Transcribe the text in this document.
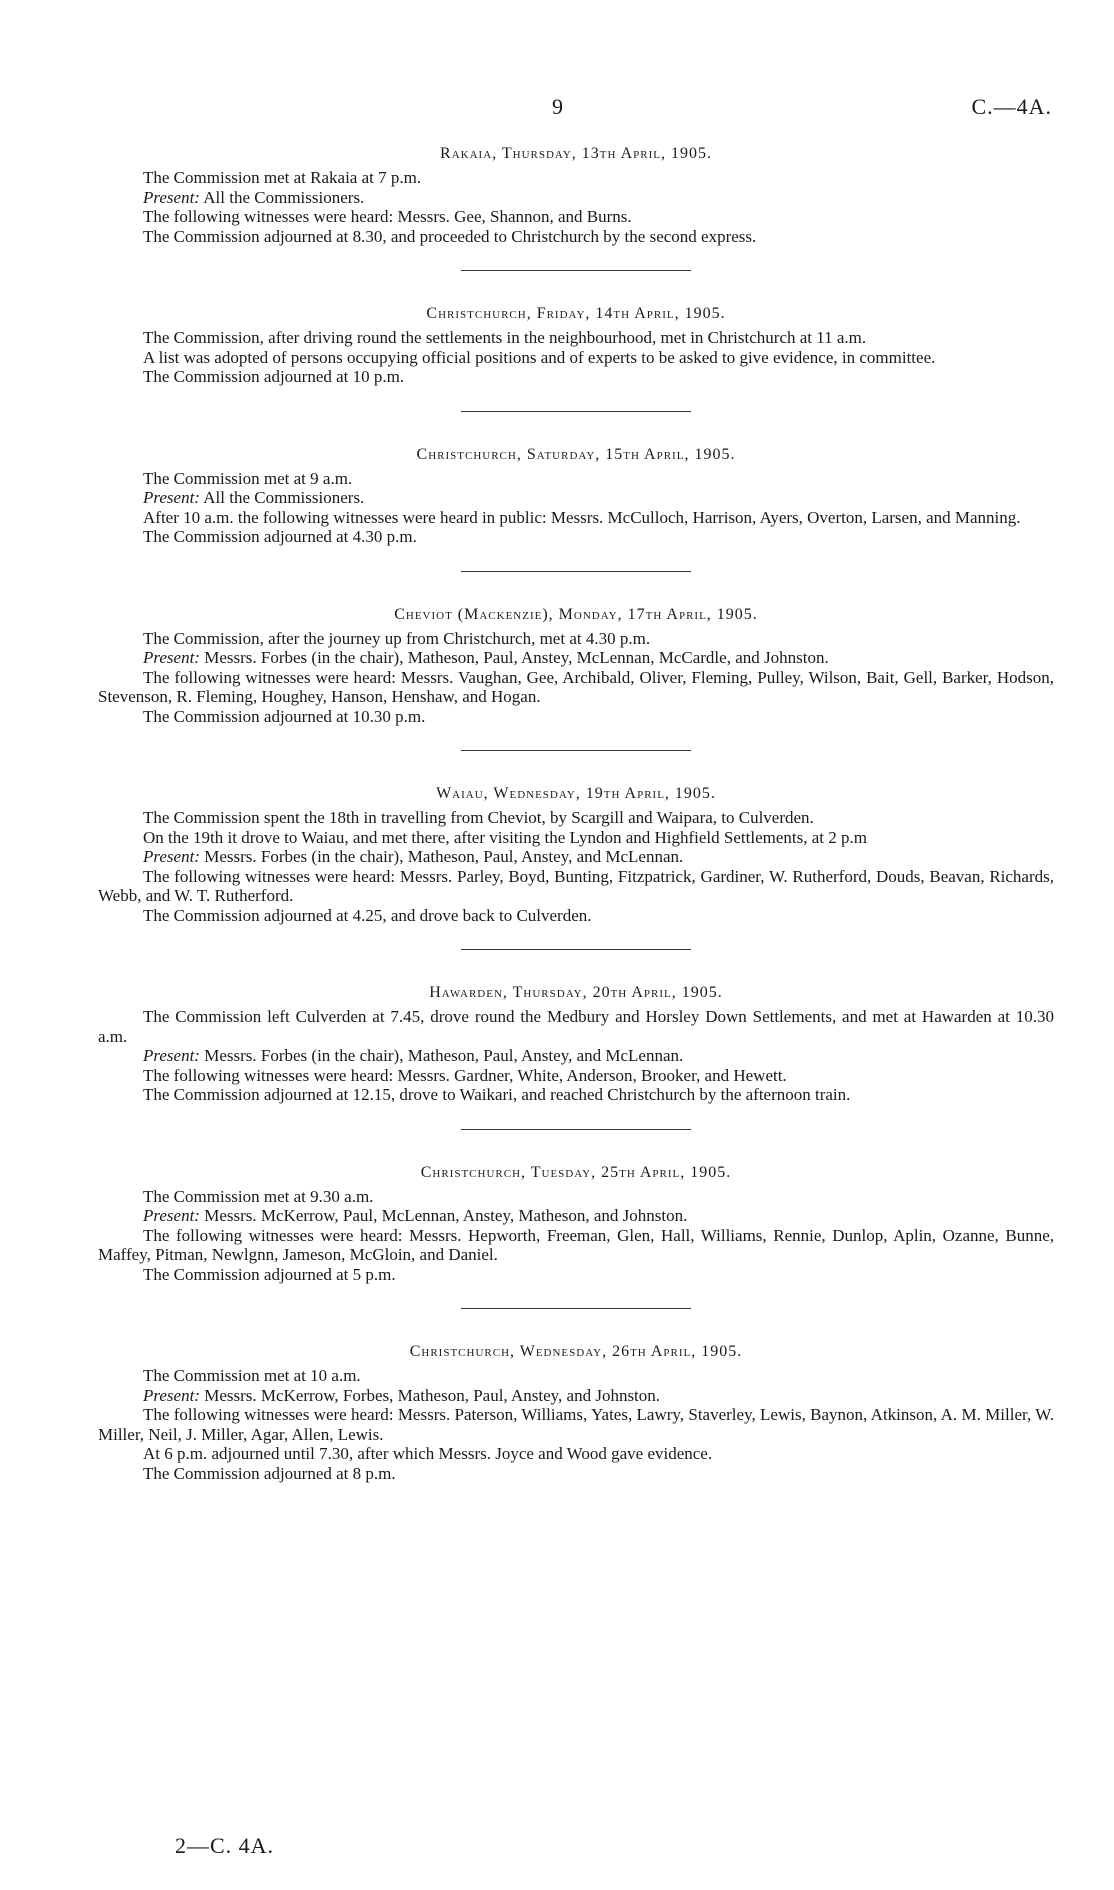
9	C.—4A.
Rakaia, Thursday, 13th April, 1905.

The Commission met at Rakaia at 7 p.m.

Present: All the Commissioners.

The following witnesses were heard: Messrs. Gee, Shannon, and Burns.

The Commission adjourned at 8.30, and proceeded to Christchurch by the second express.

Christchurch, Friday, 14th April, 1905.

The Commission, after driving round the settlements in the neighbourhood, met in Christchurch at 11 a.m.

A list was adopted of persons occupying official positions and of experts to be asked to give evidence, in committee.

The Commission adjourned at 10 p.m.

Christchurch, Saturday, 15th April, 1905.

The Commission met at 9 a.m.

Present: All the Commissioners.

After 10 a.m. the following witnesses were heard in public: Messrs. McCulloch, Harrison, Ayers, Overton, Larsen, and Manning.

The Commission adjourned at 4.30 p.m.

Cheviot (Mackenzie), Monday, 17th April, 1905.

The Commission, after the journey up from Christchurch, met at 4.30 p.m.

Present: Messrs. Forbes (in the chair), Matheson, Paul, Anstey, McLennan, McCardle, and Johnston.

The following witnesses were heard: Messrs. Vaughan, Gee, Archibald, Oliver, Fleming, Pulley, Wilson, Bait, Gell, Barker, Hodson, Stevenson, R. Fleming, Houghey, Hanson, Henshaw, and Hogan.

The Commission adjourned at 10.30 p.m.

Waiau, Wednesday, 19th April, 1905.

The Commission spent the 18th in travelling from Cheviot, by Scargill and Waipara, to Culverden.

On the 19th it drove to Waiau, and met there, after visiting the Lyndon and Highfield Settlements, at 2 p.m

Present: Messrs. Forbes (in the chair), Matheson, Paul, Anstey, and McLennan.

The following witnesses were heard: Messrs. Parley, Boyd, Bunting, Fitzpatrick, Gardiner, W. Rutherford, Douds, Beavan, Richards, Webb, and W. T. Rutherford.

The Commission adjourned at 4.25, and drove back to Culverden.

Hawarden, Thursday, 20th April, 1905.

The Commission left Culverden at 7.45, drove round the Medbury and Horsley Down Settlements, and met at Hawarden at 10.30 a.m.

Present: Messrs. Forbes (in the chair), Matheson, Paul, Anstey, and McLennan.

The following witnesses were heard: Messrs. Gardner, White, Anderson, Brooker, and Hewett.

The Commission adjourned at 12.15, drove to Waikari, and reached Christchurch by the afternoon train.

Christchurch, Tuesday, 25th April, 1905.

The Commission met at 9.30 a.m.

Present: Messrs. McKerrow, Paul, McLennan, Anstey, Matheson, and Johnston.

The following witnesses were heard: Messrs. Hepworth, Freeman, Glen, Hall, Williams, Rennie, Dunlop, Aplin, Ozanne, Bunne, Maffey, Pitman, Newlgnn, Jameson, McGloin, and Daniel.

The Commission adjourned at 5 p.m.

Christchurch, Wednesday, 26th April, 1905.

The Commission met at 10 a.m.

Present: Messrs. McKerrow, Forbes, Matheson, Paul, Anstey, and Johnston.

The following witnesses were heard: Messrs. Paterson, Williams, Yates, Lawry, Staverley, Lewis, Baynon, Atkinson, A. M. Miller, W. Miller, Neil, J. Miller, Agar, Allen, Lewis.

At 6 p.m. adjourned until 7.30, after which Messrs. Joyce and Wood gave evidence.

The Commission adjourned at 8 p.m.

2—C. 4A.
